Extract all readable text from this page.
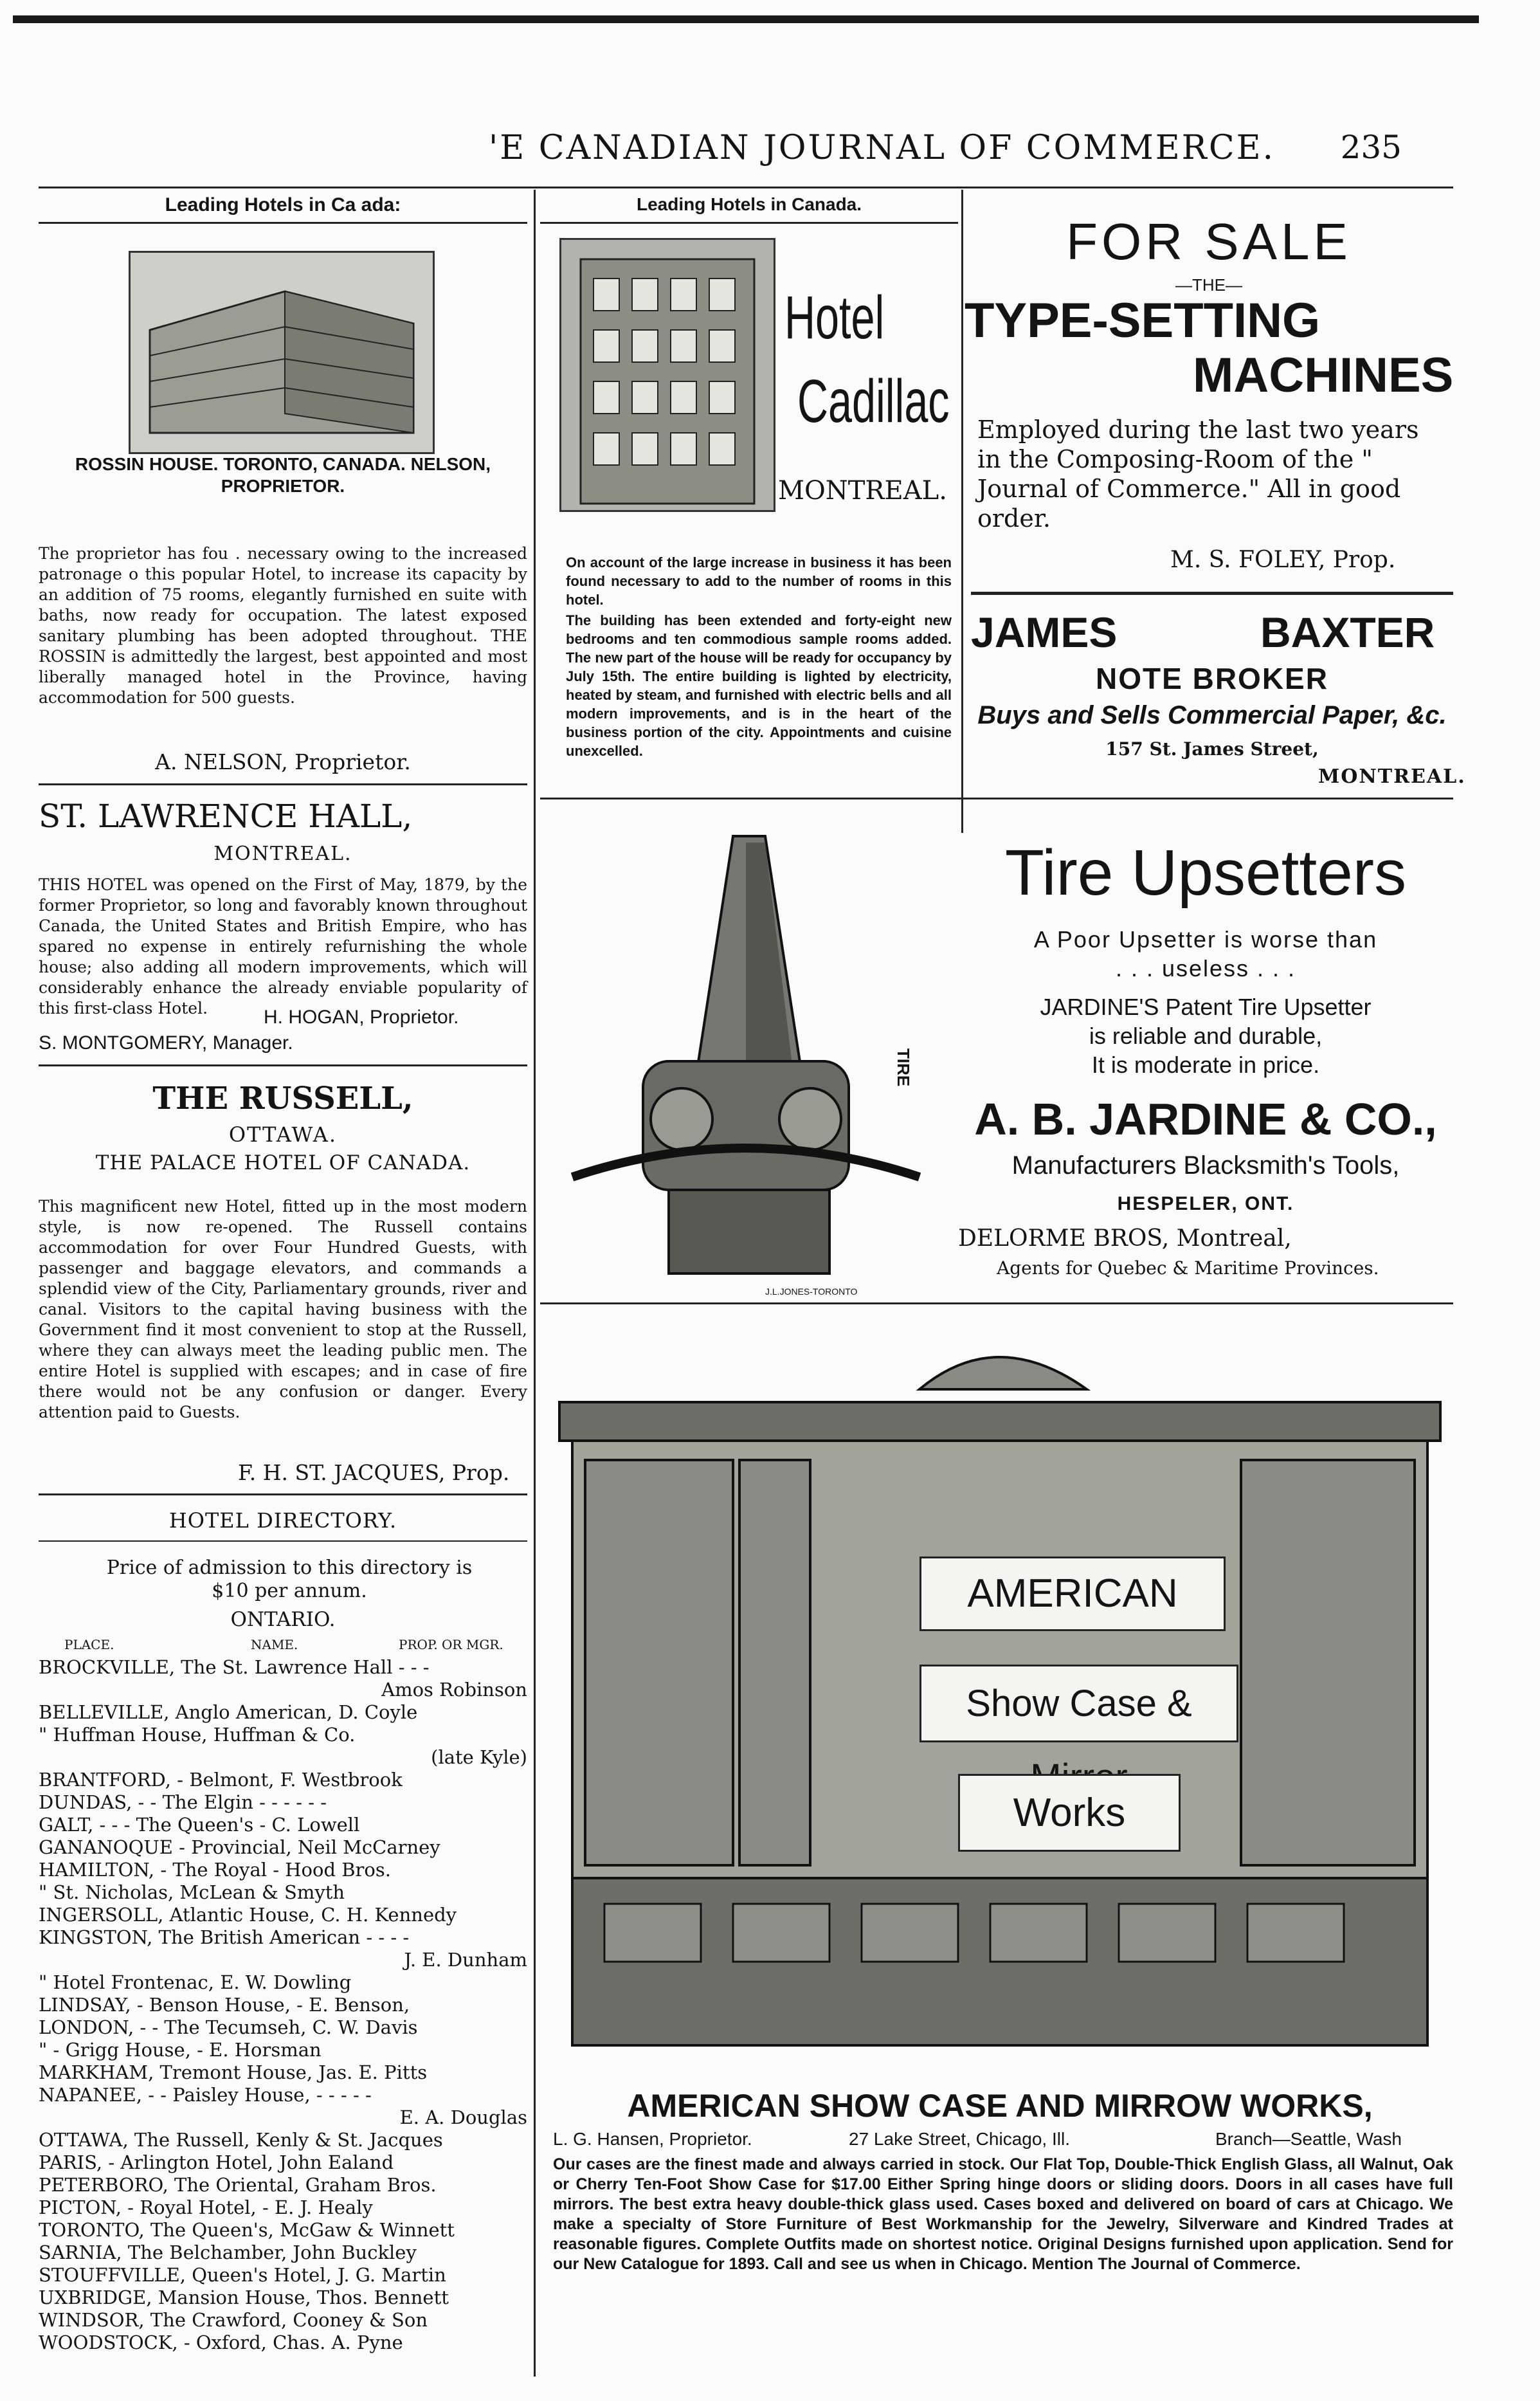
'E CANADIAN JOURNAL OF COMMERCE. 235
Leading Hotels in Ca ada:
ROSSIN HOUSE. TORONTO, CANADA. NELSON, PROPRIETOR.
The proprietor has fou . necessary owing to the increased patronage o this popular Hotel, to increase its capacity by an addition of 75 rooms, elegantly furnished en suite with baths, now ready for occupation. The latest exposed sanitary plumbing has been adopted throughout. THE ROSSIN is admittedly the largest, best appointed and most liberally managed hotel in the Province, having accommodation for 500 guests.
A. NELSON, Proprietor.
ST. LAWRENCE HALL,
MONTREAL.
THIS HOTEL was opened on the First of May, 1879, by the former Proprietor, so long and favorably known throughout Canada, the United States and British Empire, who has spared no expense in entirely refurnishing the whole house; also adding all modern improvements, which will considerably enhance the already enviable popularity of this first-class Hotel.	H. HOGAN, Proprietor.
S. MONTGOMERY, Manager.
THE RUSSELL,
OTTAWA.
THE PALACE HOTEL OF CANADA.
This magnificent new Hotel, fitted up in the most modern style, is now re-opened. The Russell contains accommodation for over Four Hundred Guests, with passenger and baggage elevators, and commands a splendid view of the City, Parliamentary grounds, river and canal. Visitors to the capital having business with the Government find it most convenient to stop at the Russell, where they can always meet the leading public men. The entire Hotel is supplied with escapes; and in case of fire there would not be any confusion or danger. Every attention paid to Guests.
F. H. ST. JACQUES, Prop.
HOTEL DIRECTORY.
Price of admission to this directory is $10 per annum.
ONTARIO.
PLACE.	NAME.	PROP. OR MGR.
BROCKVILLE, The St. Lawrence Hall - - -
Amos Robinson
BELLEVILLE, Anglo American, D. Coyle
" Huffman House, Huffman & Co.
(late Kyle)
BRANTFORD, - Belmont, F. Westbrook
DUNDAS, - - The Elgin - - - - - -
GALT, - - - The Queen's - C. Lowell
GANANOQUE - Provincial, Neil McCarney
HAMILTON, - The Royal - Hood Bros.
" St. Nicholas, McLean & Smyth
INGERSOLL, Atlantic House, C. H. Kennedy
KINGSTON, The British American - - - -
J. E. Dunham
" Hotel Frontenac, E. W. Dowling
LINDSAY, - Benson House, - E. Benson,
LONDON, - - The Tecumseh, C. W. Davis
" - Grigg House, - E. Horsman
MARKHAM, Tremont House, Jas. E. Pitts
NAPANEE, - - Paisley House, - - - - -
E. A. Douglas
OTTAWA, The Russell, Kenly & St. Jacques
PARIS, - Arlington Hotel, John Ealand
PETERBORO, The Oriental, Graham Bros.
PICTON, - Royal Hotel, - E. J. Healy
TORONTO, The Queen's, McGaw & Winnett
SARNIA, The Belchamber, John Buckley
STOUFFVILLE, Queen's Hotel, J. G. Martin
UXBRIDGE, Mansion House, Thos. Bennett
WINDSOR, The Crawford, Cooney & Son
WOODSTOCK, - Oxford, Chas. A. Pyne
Leading Hotels in Canada.
Hotel
Cadillac
MONTREAL.
On account of the large increase in business it has been found necessary to add to the number of rooms in this hotel.
The building has been extended and forty-eight new bedrooms and ten commodious sample rooms added. The new part of the house will be ready for occupancy by July 15th. The entire building is lighted by electricity, heated by steam, and furnished with electric bells and all modern improvements, and is in the heart of the business portion of the city. Appointments and cuisine unexcelled.
J.L.JONES-TORONTO
TIRE
FOR SALE
—THE—
TYPE-SETTING
MACHINES
Employed during the last two years in the Composing-Room of the " Journal of Commerce." All in good order.
M. S. FOLEY, Prop.
JAMES	BAXTER
NOTE BROKER
Buys and Sells Commercial Paper, &c.
157 St. James Street,
MONTREAL.
Tire Upsetters
A Poor Upsetter is worse than
. . . useless . . .
JARDINE'S Patent Tire Upsetter
is reliable and durable,
It is moderate in price.
A. B. JARDINE & CO.,
Manufacturers Blacksmith's Tools,
HESPELER, ONT.
DELORME BROS, Montreal,
Agents for Quebec & Maritime Provinces.
AMERICAN
Show Case &
Works
AMERICAN SHOW CASE AND MIRROW WORKS,
L. G. Hansen, Proprietor.	27 Lake Street, Chicago, Ill.	Branch—Seattle, Wash
Our cases are the finest made and always carried in stock. Our Flat Top, Double-Thick English Glass, all Walnut, Oak or Cherry Ten-Foot Show Case for $17.00 Either Spring hinge doors or sliding doors. Doors in all cases have full mirrors. The best extra heavy double-thick glass used. Cases boxed and delivered on board of cars at Chicago. We make a specialty of Store Furniture of Best Workmanship for the Jewelry, Silverware and Kindred Trades at reasonable figures. Complete Outfits made on shortest notice. Original Designs furnished upon application. Send for our New Catalogue for 1893. Call and see us when in Chicago. Mention The Journal of Commerce.
